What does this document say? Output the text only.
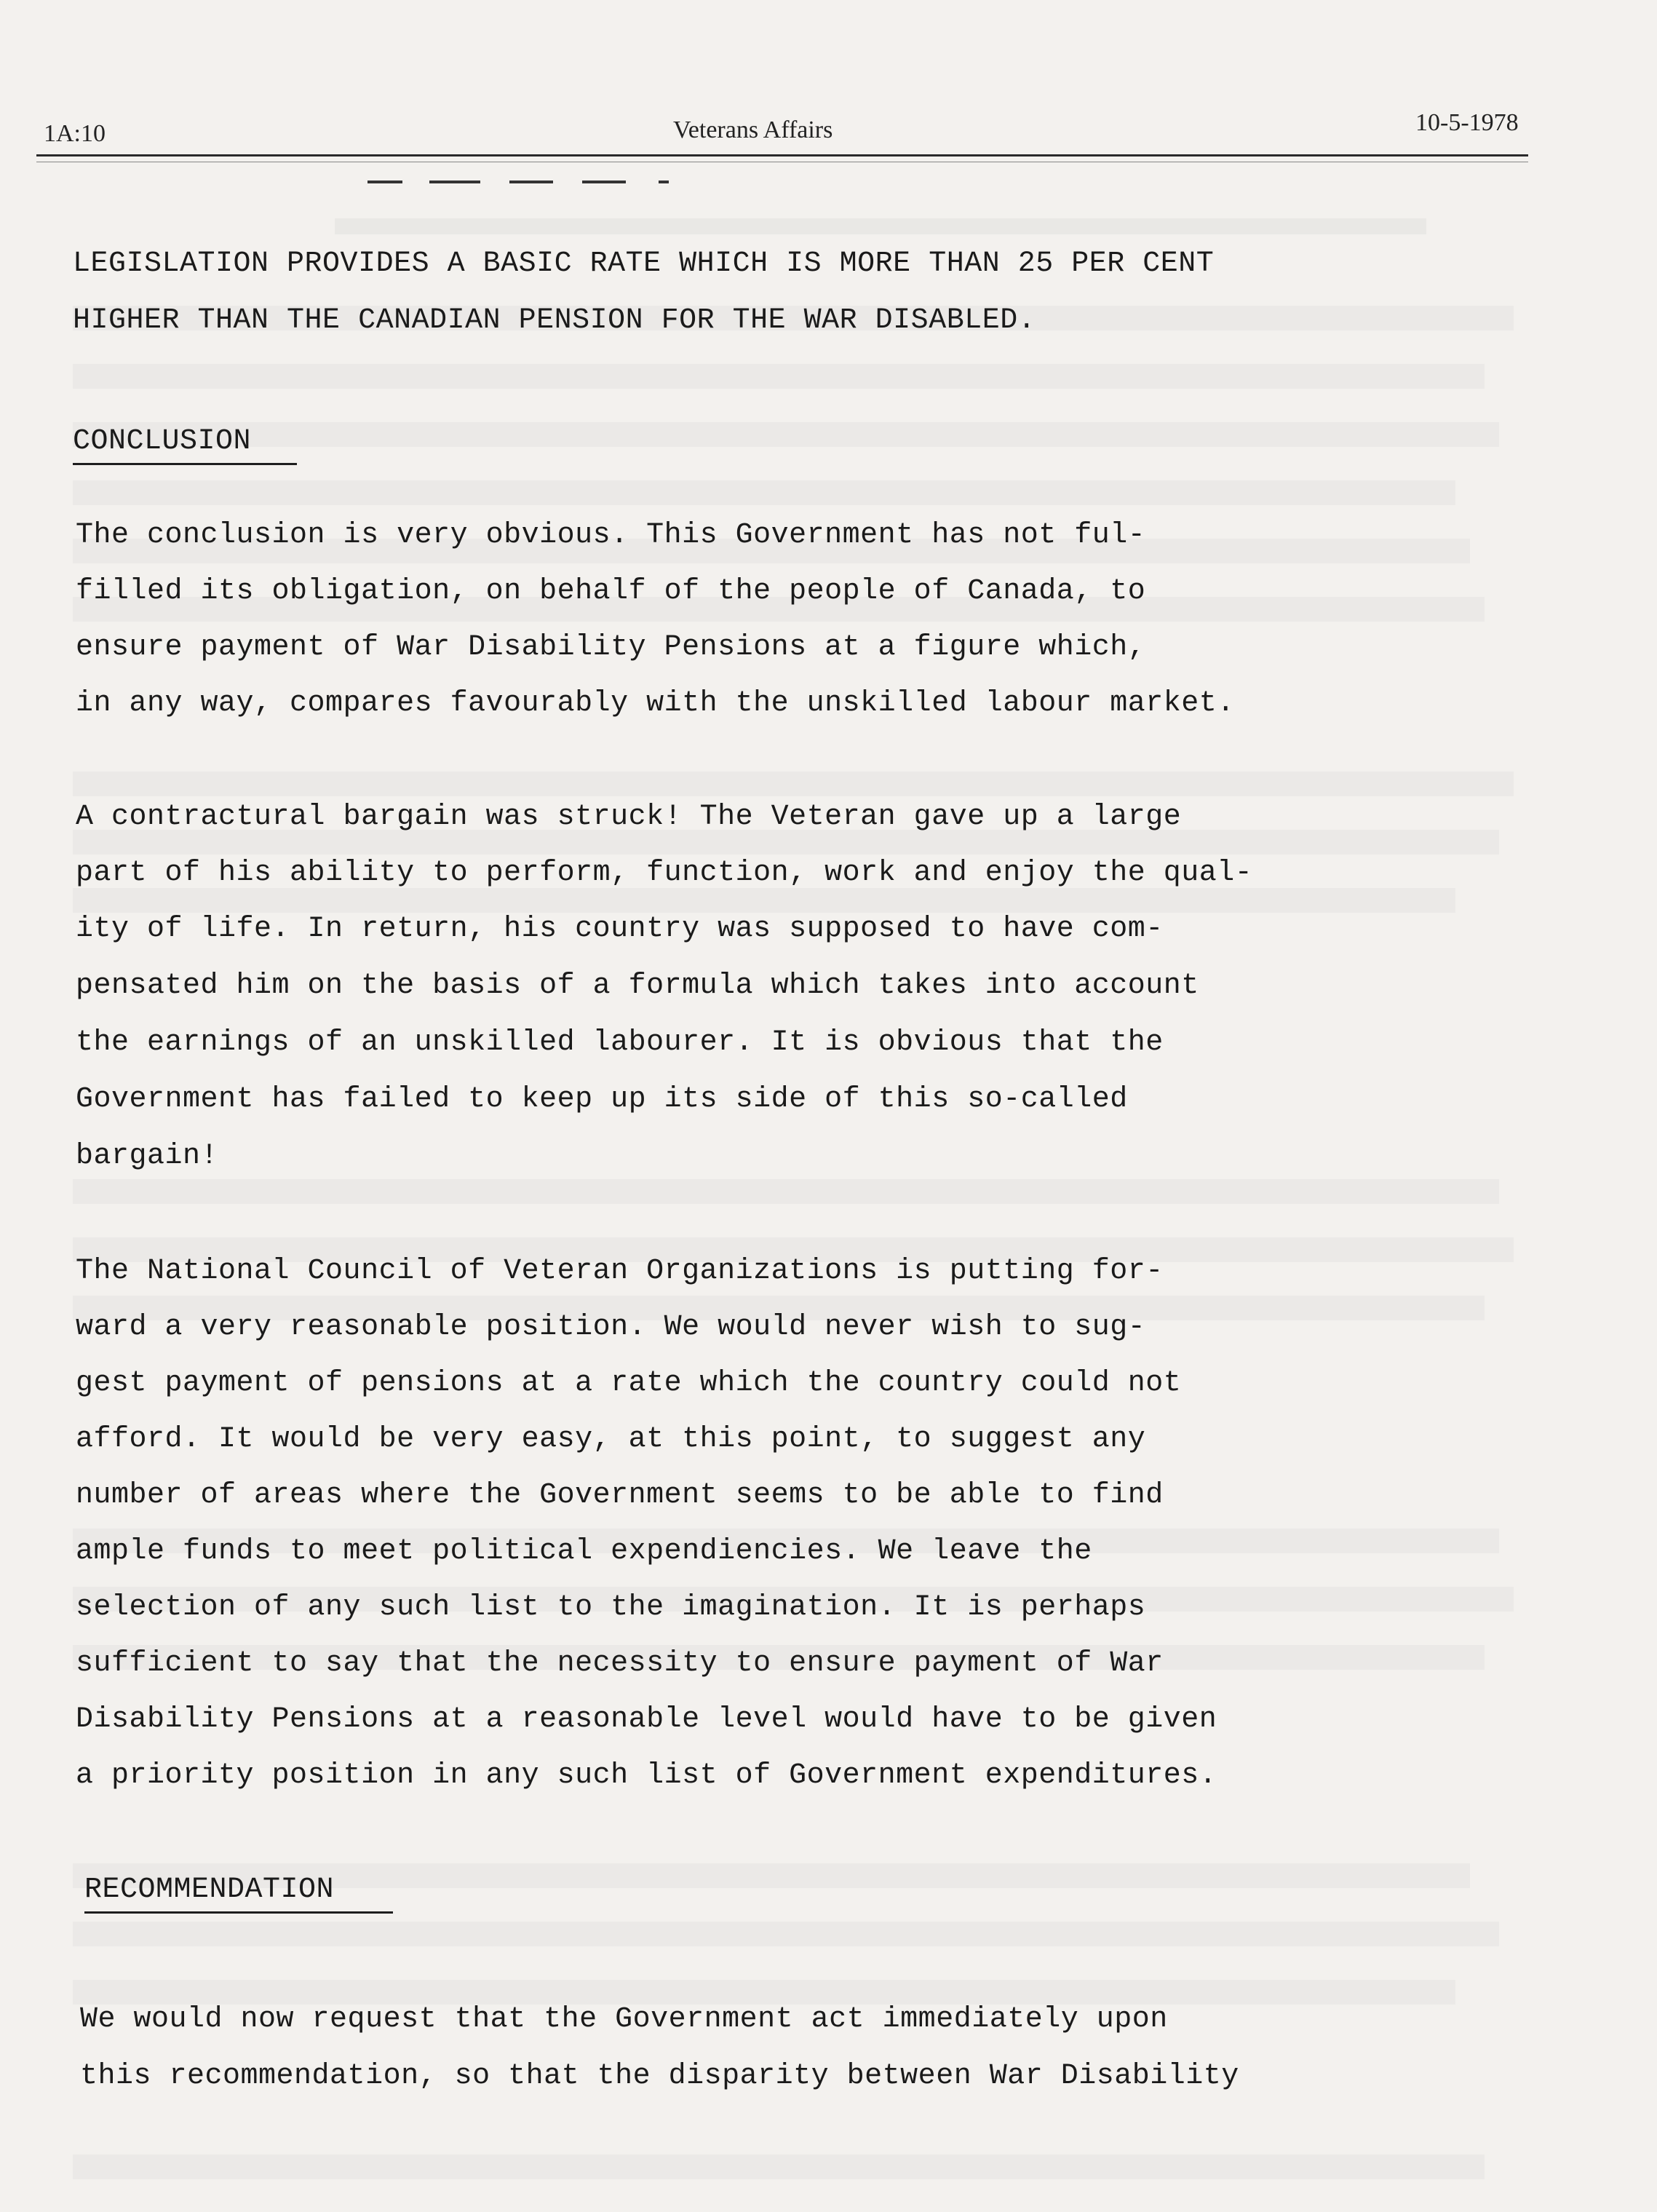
1A:10	Veterans Affairs	10-5-1978
LEGISLATION PROVIDES A BASIC RATE WHICH IS MORE THAN 25 PER CENT
HIGHER THAN THE CANADIAN PENSION FOR THE WAR DISABLED.
CONCLUSION
The conclusion is very obvious. This Government has not ful-
filled its obligation, on behalf of the people of Canada, to
ensure payment of War Disability Pensions at a figure which,
in any way, compares favourably with the unskilled labour market.
A contractural bargain was struck! The Veteran gave up a large
part of his ability to perform, function, work and enjoy the qual-
ity of life. In return, his country was supposed to have com-
pensated him on the basis of a formula which takes into account
the earnings of an unskilled labourer. It is obvious that the
Government has failed to keep up its side of this so-called
bargain!
The National Council of Veteran Organizations is putting for-
ward a very reasonable position. We would never wish to sug-
gest payment of pensions at a rate which the country could not
afford. It would be very easy, at this point, to suggest any
number of areas where the Government seems to be able to find
ample funds to meet political expendiencies. We leave the
selection of any such list to the imagination. It is perhaps
sufficient to say that the necessity to ensure payment of War
Disability Pensions at a reasonable level would have to be given
a priority position in any such list of Government expenditures.
RECOMMENDATION
We would now request that the Government act immediately upon
this recommendation, so that the disparity between War Disability
